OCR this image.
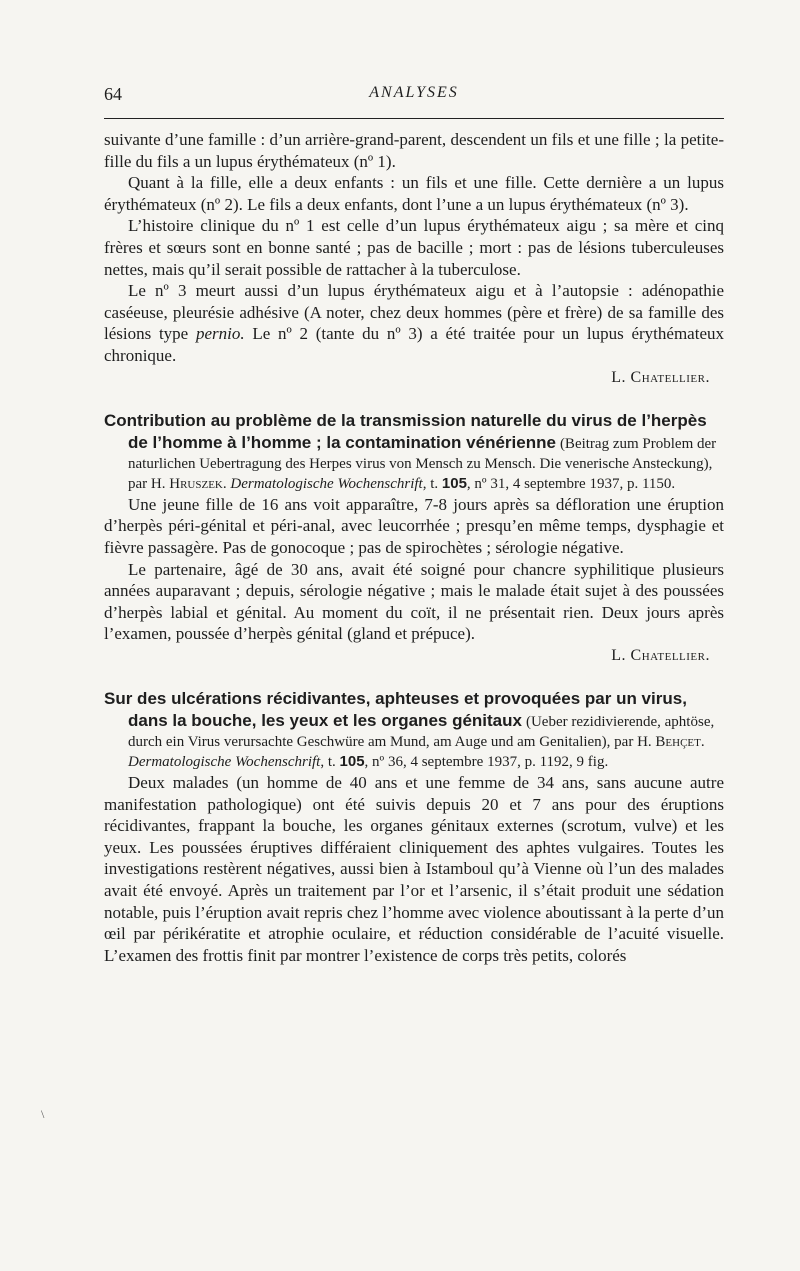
64	ANALYSES

suivante d’une famille : d’un arrière-grand-parent, descendent un fils et une fille ; la petite-fille du fils a un lupus érythémateux (nº 1).

Quant à la fille, elle a deux enfants : un fils et une fille. Cette dernière a un lupus érythémateux (nº 2). Le fils a deux enfants, dont l’une a un lupus érythémateux (nº 3).

L’histoire clinique du nº 1 est celle d’un lupus érythémateux aigu ; sa mère et cinq frères et sœurs sont en bonne santé ; pas de bacille ; mort : pas de lésions tuberculeuses nettes, mais qu’il serait possible de rattacher à la tuberculose.

Le nº 3 meurt aussi d’un lupus érythémateux aigu et à l’autopsie : adénopathie caséeuse, pleurésie adhésive (A noter, chez deux hommes (père et frère) de sa famille des lésions type pernio. Le nº 2 (tante du nº 3) a été traitée pour un lupus érythémateux chronique.

L. Chatellier.
Contribution au problème de la transmission naturelle du virus de l’herpès de l’homme à l’homme ; la contamination vénérienne (Beitrag zum Problem der naturlichen Uebertragung des Herpes virus von Mensch zu Mensch. Die venerische Ansteckung), par H. Hruszek. Dermatologische Wochenschrift, t. 105, nº 31, 4 septembre 1937, p. 1150.

Une jeune fille de 16 ans voit apparaître, 7-8 jours après sa défloration une éruption d’herpès péri-génital et péri-anal, avec leucorrhée ; presqu’en même temps, dysphagie et fièvre passagère. Pas de gonocoque ; pas de spirochètes ; sérologie négative.

Le partenaire, âgé de 30 ans, avait été soigné pour chancre syphilitique plusieurs années auparavant ; depuis, sérologie négative ; mais le malade était sujet à des poussées d’herpès labial et génital. Au moment du coït, il ne présentait rien. Deux jours après l’examen, poussée d’herpès génital (gland et prépuce).

L. Chatellier.
Sur des ulcérations récidivantes, aphteuses et provoquées par un virus, dans la bouche, les yeux et les organes génitaux (Ueber rezidivierende, aphtöse, durch ein Virus verursachte Geschwüre am Mund, am Auge und am Genitalien), par H. Behçet. Dermatologische Wochenschrift, t. 105, nº 36, 4 septembre 1937, p. 1192, 9 fig.

Deux malades (un homme de 40 ans et une femme de 34 ans, sans aucune autre manifestation pathologique) ont été suivis depuis 20 et 7 ans pour des éruptions récidivantes, frappant la bouche, les organes génitaux externes (scrotum, vulve) et les yeux. Les poussées éruptives différaient cliniquement des aphtes vulgaires. Toutes les investigations restèrent négatives, aussi bien à Istamboul qu’à Vienne où l’un des malades avait été envoyé. Après un traitement par l’or et l’arsenic, il s’était produit une sédation notable, puis l’éruption avait repris chez l’homme avec violence aboutissant à la perte d’un œil par périkératite et atrophie oculaire, et réduction considérable de l’acuité visuelle. L’examen des frottis finit par montrer l’existence de corps très petits, colorés

\
